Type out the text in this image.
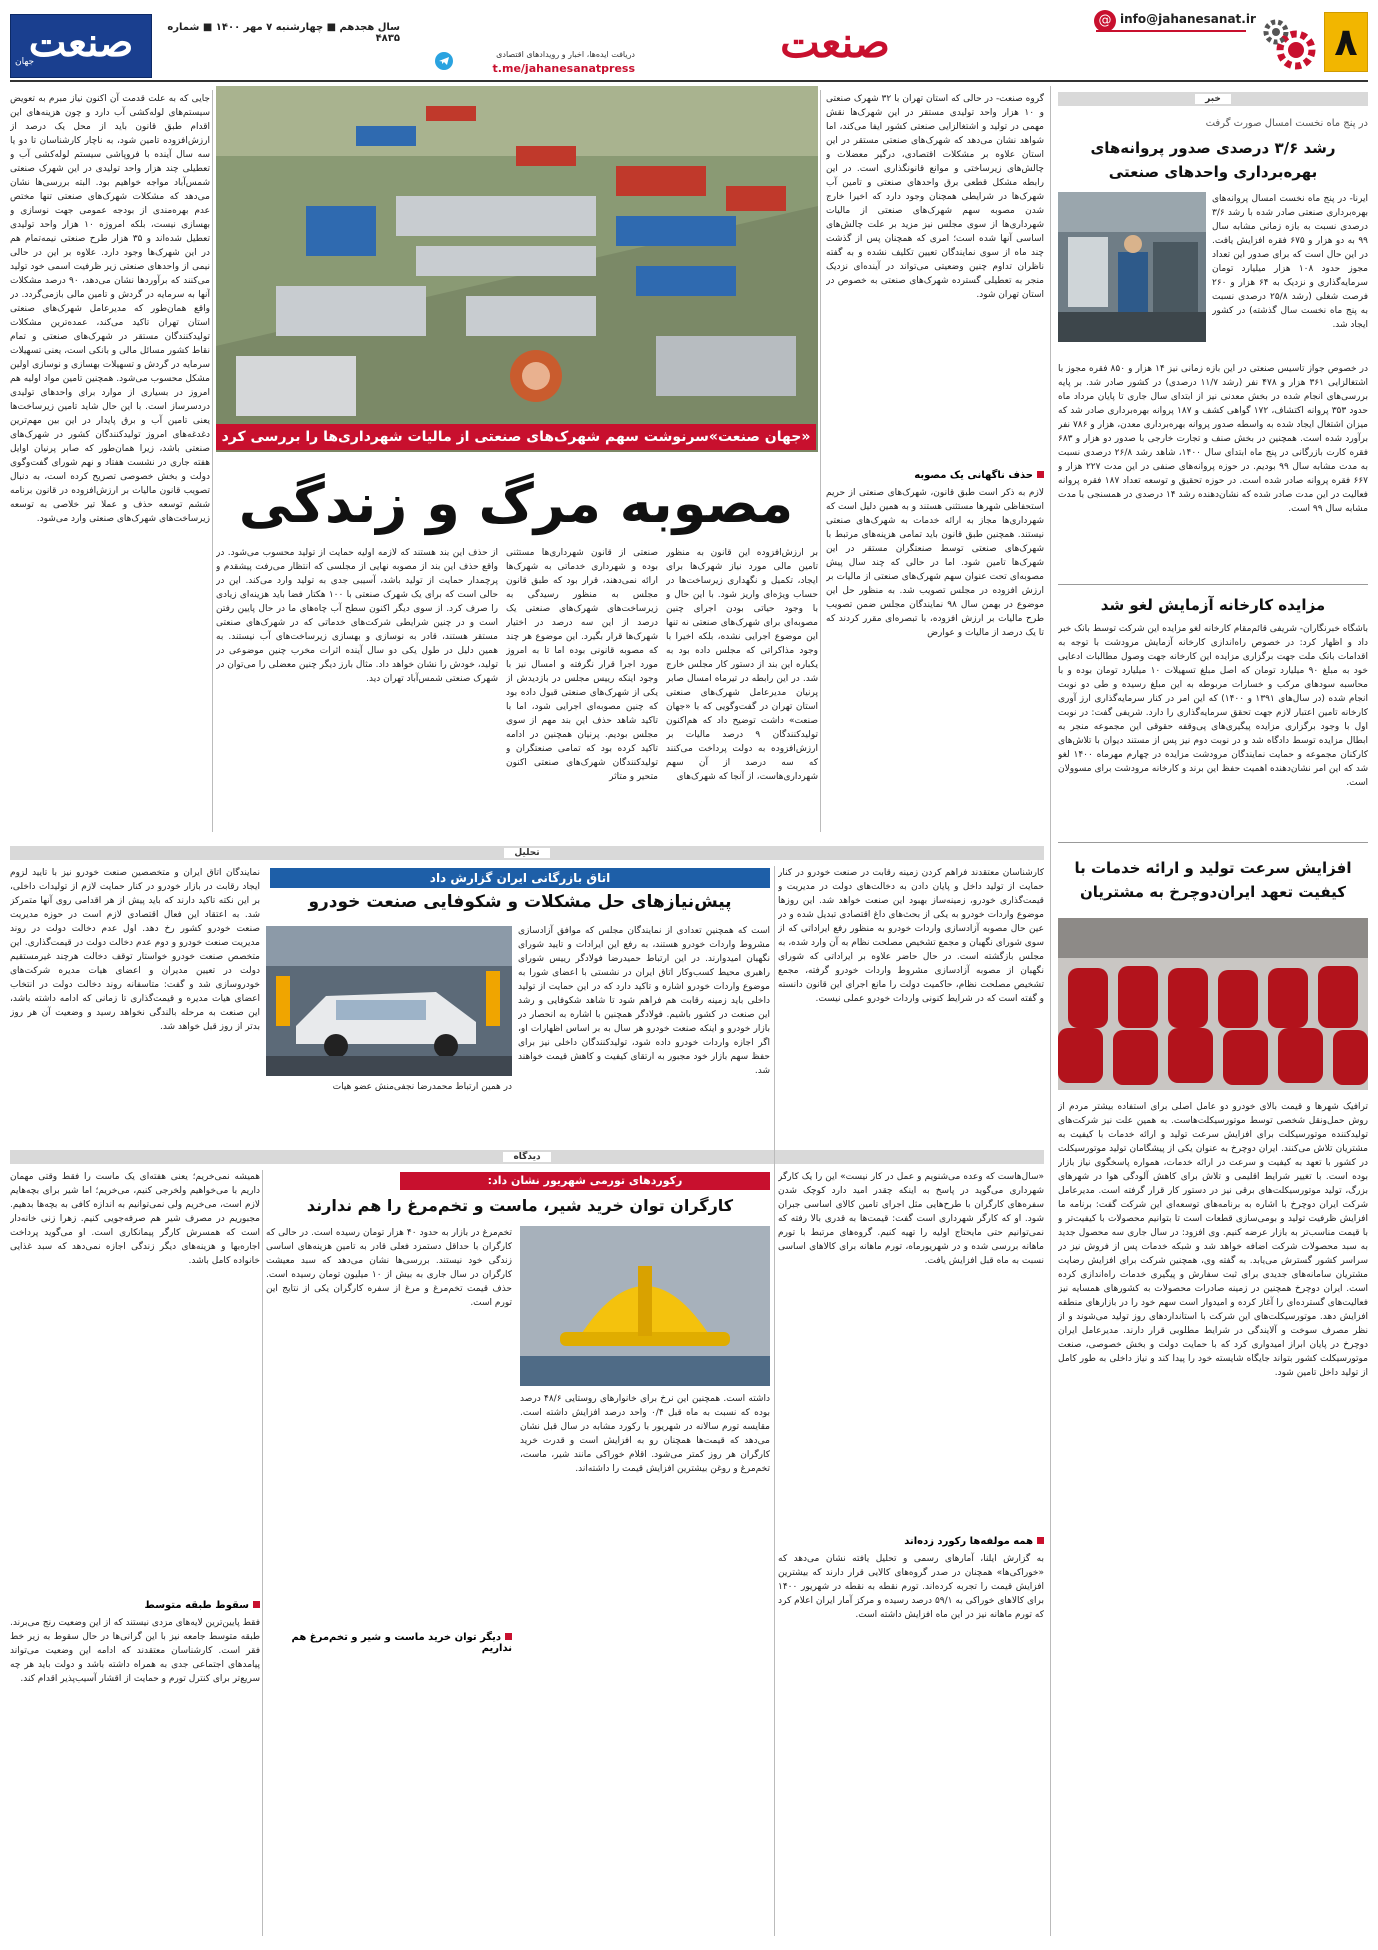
۸
@ info@jahanesanat.ir
صنعت
دریافت ایده‌ها، اخبار و رویدادهای اقتصادی
t.me/jahanesanatpress
سال هجدهم ■ چهارشنبه ۷ مهر ۱۴۰۰ ■ شماره ۴۸۳۵
صنعت
جهان
خبر
در پنج ماه نخست امسال صورت گرفت
رشد ۳/۶ درصدی صدور پروانه‌های بهره‌برداری واحدهای صنعتی
ایرنا- در پنج ماه نخست امسال پروانه‌های بهره‌برداری صنعتی صادر شده با رشد ۳/۶ درصدی نسبت به بازه زمانی مشابه سال ۹۹ به دو هزار و ۶۷۵ فقره افزایش یافت. در این حال است که برای صدور این تعداد مجوز حدود ۱۰۸ هزار میلیارد تومان سرمایه‌گذاری و نزدیک به ۶۴ هزار و ۲۶۰ فرصت شغلی (رشد ۲۵/۸ درصدی نسبت به پنج ماه نخست سال گذشته) در کشور ایجاد شد.
در خصوص جواز تاسیس صنعتی در این بازه زمانی نیز ۱۴ هزار و ۸۵۰ فقره مجوز با اشتغالزایی ۳۶۱ هزار و ۴۷۸ نفر (رشد ۱۱/۷ درصدی) در کشور صادر شد. بر پایه بررسی‌های انجام شده در بخش معدنی نیز از ابتدای سال جاری تا پایان مرداد ماه حدود ۳۵۳ پروانه اکتشاف، ۱۷۲ گواهی کشف و ۱۸۷ پروانه بهره‌برداری صادر شد که میزان اشتغال ایجاد شده به واسطه صدور پروانه بهره‌برداری معدن، هزار و ۷۸۶ نفر برآورد شده است. همچنین در بخش صنف و تجارت خارجی با صدور دو هزار و ۶۸۳ فقره کارت بازرگانی در پنج ماه ابتدای سال ۱۴۰۰، شاهد رشد ۲۶/۸ درصدی نسبت به مدت مشابه سال ۹۹ بودیم. در حوزه پروانه‌های صنفی در این مدت ۲۲۷ هزار و ۶۶۷ فقره پروانه صادر شده است. در حوزه تحقیق و توسعه تعداد ۱۸۷ فقره پروانه فعالیت در این مدت صادر شده که نشان‌دهنده رشد ۱۴ درصدی در همسنجی با مدت مشابه سال ۹۹ است.
مزایده کارخانه آزمایش لغو شد
باشگاه خبرنگاران- شریفی قائم‌مقام کارخانه لغو مزایده این شرکت توسط بانک خبر داد و اظهار کرد: در خصوص راه‌اندازی کارخانه آزمایش مرودشت با توجه به اقدامات بانک ملت جهت برگزاری مزایده این کارخانه جهت وصول مطالبات ادعایی خود به مبلغ ۹۰ میلیارد تومان که اصل مبلغ تسهیلات ۱۰ میلیارد تومان بوده و با محاسبه سودهای مرکب و خسارات مربوطه به این مبلغ رسیده و طی دو نوبت انجام شده (در سال‌های ۱۳۹۱ و ۱۴۰۰) که این امر در کنار سرمایه‌گذاری ارز آوری کارخانه تامین اعتبار لازم جهت تحقق سرمایه‌گذاری را دارد. شریفی گفت: در نوبت اول با وجود برگزاری مزایده پیگیری‌های پی‌وقفه حقوقی این مجموعه منجر به ابطال مزایده توسط دادگاه شد و در نوبت دوم نیز پس از مستند دیوان با تلاش‌های کارکنان مجموعه و حمایت نمایندگان مرودشت مزایده در چهارم مهرماه ۱۴۰۰ لغو شد که این امر نشان‌دهنده اهمیت حفظ این برند و کارخانه مرودشت برای مسوولان است.
افزایش سرعت تولید و ارائه خدمات با کیفیت تعهد ایران‌دوچرخ به مشتریان
ترافیک شهرها و قیمت بالای خودرو دو عامل اصلی برای استفاده بیشتر مردم از روش حمل‌ونقل شخصی توسط موتورسیکلت‌هاست. به همین علت نیز شرکت‌های تولیدکننده موتورسیکلت برای افزایش سرعت تولید و ارائه خدمات با کیفیت به مشتریان تلاش می‌کنند. ایران دوچرخ به عنوان یکی از پیشگامان تولید موتورسیکلت در کشور با تعهد به کیفیت و سرعت در ارائه خدمات، همواره پاسخگوی نیاز بازار بوده است. با تغییر شرایط اقلیمی و تلاش برای کاهش آلودگی هوا در شهرهای بزرگ، تولید موتورسیکلت‌های برقی نیز در دستور کار قرار گرفته است. مدیرعامل شرکت ایران دوچرخ با اشاره به برنامه‌های توسعه‌ای این شرکت گفت: برنامه ما افزایش ظرفیت تولید و بومی‌سازی قطعات است تا بتوانیم محصولات با کیفیت‌تر و با قیمت مناسب‌تر به بازار عرضه کنیم. وی افزود: در سال جاری سه محصول جدید به سبد محصولات شرکت اضافه خواهد شد و شبکه خدمات پس از فروش نیز در سراسر کشور گسترش می‌یابد. به گفته وی، همچنین شرکت برای افزایش رضایت مشتریان سامانه‌های جدیدی برای ثبت سفارش و پیگیری خدمات راه‌اندازی کرده است. ایران دوچرخ همچنین در زمینه صادرات محصولات به کشورهای همسایه نیز فعالیت‌های گسترده‌ای را آغاز کرده و امیدوار است سهم خود را در بازارهای منطقه افزایش دهد. موتورسیکلت‌های این شرکت با استانداردهای روز تولید می‌شوند و از نظر مصرف سوخت و آلایندگی در شرایط مطلوبی قرار دارند. مدیرعامل ایران دوچرخ در پایان ابراز امیدواری کرد که با حمایت دولت و بخش خصوصی، صنعت موتورسیکلت کشور بتواند جایگاه شایسته خود را پیدا کند و نیاز داخلی به طور کامل از تولید داخل تامین شود.
گروه صنعت- در حالی که استان تهران با ۳۲ شهرک صنعتی و ۱۰ هزار واحد تولیدی مستقر در این شهرک‌ها نقش مهمی در تولید و اشتغالزایی صنعتی کشور ایفا می‌کند، اما شواهد نشان می‌دهد که شهرک‌های صنعتی مستقر در این استان علاوه بر مشکلات اقتصادی، درگیر معضلات و چالش‌های زیرساختی و موانع قانونگذاری است. در این رابطه مشکل قطعی برق واحدهای صنعتی و تامین آب شهرک‌ها در شرایطی همچنان وجود دارد که اخیرا خارج شدن مصوبه سهم شهرک‌های صنعتی از مالیات شهرداری‌ها از سوی مجلس نیز مزید بر علت چالش‌های اساسی آنها شده است؛ امری که همچنان پس از گذشت چند ماه از سوی نمایندگان تعیین تکلیف نشده و به گفته ناظران تداوم چنین وضعیتی می‌تواند در آینده‌ای نزدیک منجر به تعطیلی گسترده شهرک‌های صنعتی به خصوص در استان تهران شود.
حذف ناگهانی یک مصوبه
لازم به ذکر است طبق قانون، شهرک‌های صنعتی از حریم استحفاظی شهرها مستثنی هستند و به همین دلیل است که شهرداری‌ها مجاز به ارائه خدمات به شهرک‌های صنعتی نیستند. همچنین طبق قانون باید تمامی هزینه‌های مرتبط با شهرک‌های صنعتی توسط صنعتگران مستقر در این شهرک‌ها تامین شود. اما در حالی که چند سال پیش مصوبه‌ای تحت عنوان سهم شهرک‌های صنعتی از مالیات بر ارزش افزوده در مجلس تصویب شد. به منظور حل این موضوع در بهمن سال ۹۸ نمایندگان مجلس ضمن تصویب طرح مالیات بر ارزش افزوده، با تبصره‌ای مقرر کردند که تا یک درصد از مالیات و عوارض
«جهان صنعت»سرنوشت سهم شهرک‌های صنعتی از مالیات شهرداری‌ها را بررسی کرد
مصوبه مرگ و زندگی
بر ارزش‌افزوده این قانون به منظور تامین مالی مورد نیاز شهرک‌ها برای ایجاد، تکمیل و نگهداری زیرساخت‌ها در حساب ویژه‌ای واریز شود. با این حال و با وجود حیاتی بودن اجرای چنین مصوبه‌ای برای شهرک‌های صنعتی نه تنها این موضوع اجرایی نشده، بلکه اخیرا با وجود مذاکراتی که مجلس داده بود به یکباره این بند از دستور کار مجلس خارج شد. در این رابطه در تیرماه امسال صابر پرنیان مدیرعامل شهرک‌های صنعتی استان تهران در گفت‌وگویی که با «جهان صنعت» داشت توضیح داد که هم‌اکنون تولیدکنندگان ۹ درصد مالیات بر ارزش‌افزوده به دولت پرداخت می‌کنند که سه درصد از آن سهم شهرداری‌هاست، از آنجا که شهرک‌های
صنعتی از قانون شهرداری‌ها مستثنی بوده و شهرداری خدماتی به شهرک‌ها ارائه نمی‌دهند، قرار بود که طبق قانون مجلس به منظور رسیدگی به زیرساخت‌های شهرک‌های صنعتی یک درصد از این سه درصد در اختیار شهرک‌ها قرار بگیرد. این موضوع هر چند که مصوبه قانونی بوده اما تا به امروز مورد اجرا قرار نگرفته و امسال نیز با وجود اینکه رییس مجلس در بازدیدش از یکی از شهرک‌های صنعتی قبول داده بود که چنین مصوبه‌ای اجرایی شود، اما با تاکید شاهد حذف این بند مهم از سوی مجلس بودیم. پرنیان همچنین در ادامه تاکید کرده بود که تمامی صنعتگران و تولیدکنندگان شهرک‌های صنعتی اکنون متحیر و متاثر
از حذف این بند هستند که لازمه اولیه حمایت از تولید محسوب می‌شود. در واقع حذف این بند از مصوبه نهایی از مجلسی که انتظار می‌رفت پیشقدم و پرچمدار حمایت از تولید باشد، آسیبی جدی به تولید وارد می‌کند. این در حالی است که برای یک شهرک صنعتی با ۱۰۰ هکتار فضا باید هزینه‌ای زیادی را صرف کرد. از سوی دیگر اکنون سطح آب چاه‌های ما در حال پایین رفتن است و در چنین شرایطی شرکت‌های خدماتی که در شهرک‌های صنعتی مستقر هستند، قادر به نوسازی و بهسازی زیرساخت‌های آب نیستند. به همین دلیل در طول یکی دو سال آینده اثرات مخرب چنین موضوعی در تولید، خودش را نشان خواهد داد. مثال بارز دیگر چنین معضلی را می‌توان در شهرک صنعتی شمس‌آباد تهران دید.
جایی که به علت قدمت آن اکنون نیاز مبرم به تعویض سیستم‌های لوله‌کشی آب دارد و چون هزینه‌های این اقدام طبق قانون باید از محل یک درصد از ارزش‌افزوده تامین شود، به ناچار کارشناسان تا دو یا سه سال آینده با فروپاشی سیستم لوله‌کشی آب و تعطیلی چند هزار واحد تولیدی در این شهرک صنعتی شمس‌آباد مواجه خواهیم بود. البته بررسی‌ها نشان می‌دهد که مشکلات شهرک‌های صنعتی تنها مختص عدم بهره‌مندی از بودجه عمومی جهت نوسازی و بهسازی نیست، بلکه امروزه ۱۰ هزار واحد تولیدی تعطیل شده‌اند و ۳۵ هزار طرح صنعتی نیمه‌تمام هم در این شهرک‌ها وجود دارد. علاوه بر این در حالی نیمی از واحدهای صنعتی زیر ظرفیت اسمی خود تولید می‌کنند که برآوردها نشان می‌دهد، ۹۰ درصد مشکلات آنها به سرمایه در گردش و تامین مالی بازمی‌گردد. در واقع همان‌طور که مدیرعامل شهرک‌های صنعتی استان تهران تاکید می‌کند، عمده‌ترین مشکلات تولیدکنندگان مستقر در شهرک‌های صنعتی و تمام نقاط کشور مسائل مالی و بانکی است، یعنی تسهیلات سرمایه در گردش و تسهیلات بهسازی و نوسازی اولین مشکل محسوب می‌شود. همچنین تامین مواد اولیه هم امروز در بسیاری از موارد برای واحدهای تولیدی دردسرساز است. با این حال شاید تامین زیرساخت‌ها یعنی تامین آب و برق پایدار در این بین مهم‌ترین دغدغه‌های امروز تولیدکنندگان کشور در شهرک‌های صنعتی باشد، زیرا همان‌طور که صابر پرنیان اوایل هفته جاری در نشست هفتاد و نهم شورای گفت‌وگوی دولت و بخش خصوصی تصریح کرده است، به دنبال تصویب قانون مالیات بر ارزش‌افزوده در قانون برنامه ششم توسعه حذف و عملا تیر خلاصی به توسعه زیرساخت‌های شهرک‌های صنعتی وارد می‌شود.
تحلیل
کارشناسان معتقدند فراهم کردن زمینه رقابت در صنعت خودرو در کنار حمایت از تولید داخل و پایان دادن به دخالت‌های دولت در مدیریت و قیمت‌گذاری خودرو، زمینه‌ساز بهبود این صنعت خواهد شد. این روزها موضوع واردات خودرو به یکی از بحث‌های داغ اقتصادی تبدیل شده و در عین حال مصوبه آزادسازی واردات خودرو به منظور رفع ایراداتی که از سوی شورای نگهبان و مجمع تشخیص مصلحت نظام به آن وارد شده، به مجلس بازگشته است. در حال حاضر علاوه بر ایراداتی که شورای نگهبان از مصوبه آزادسازی مشروط واردات خودرو گرفته، مجمع تشخیص مصلحت نظام، حاکمیت دولت را مانع اجرای این قانون دانسته و گفته است که در شرایط کنونی واردات خودرو عملی نیست.
اتاق بازرگانی ایران گزارش داد
پیش‌نیازهای حل مشکلات و شکوفایی صنعت خودرو
است که همچنین تعدادی از نمایندگان مجلس که موافق آزادسازی مشروط واردات خودرو هستند، به رفع این ایرادات و تایید شورای نگهبان امیدوارند. در این ارتباط حمیدرضا فولادگر رییس شورای راهبری محیط کسب‌وکار اتاق ایران در نشستی با اعضای شورا به موضوع واردات خودرو اشاره و تاکید دارد که در این حمایت از تولید داخلی باید زمینه رقابت هم فراهم شود تا شاهد شکوفایی و رشد این صنعت در کشور باشیم. فولادگر همچنین با اشاره به انحصار در بازار خودرو و اینکه صنعت خودرو هر سال به بر اساس اظهارات او، اگر اجازه واردات خودرو داده شود، تولیدکنندگان داخلی نیز برای حفظ سهم بازار خود مجبور به ارتقای کیفیت و کاهش قیمت خواهند شد.
در همین ارتباط محمدرضا نجفی‌منش عضو هیات
نمایندگان اتاق ایران و متخصصین صنعت خودرو نیز با تایید لزوم ایجاد رقابت در بازار خودرو در کنار حمایت لازم از تولیدات داخلی، بر این نکته تاکید دارند که باید پیش از هر اقدامی روی آنها متمرکز شد. به اعتقاد این فعال اقتصادی لازم است در حوزه مدیریت صنعت خودرو کشور رخ دهد. اول عدم دخالت دولت در روند مدیریت صنعت خودرو و دوم عدم دخالت دولت در قیمت‌گذاری. این متخصص صنعت خودرو خواستار توقف دخالت هرچند غیرمستقیم دولت در تعیین مدیران و اعضای هیات مدیره شرکت‌های خودروسازی شد و گفت: متاسفانه روند دخالت دولت در انتخاب اعضای هیات مدیره و قیمت‌گذاری تا زمانی که ادامه داشته باشد، این صنعت به مرحله بالندگی نخواهد رسید و وضعیت آن هر روز بدتر از روز قبل خواهد شد.
دیدگاه
«سال‌هاست که وعده می‌شنویم و عمل در کار نیست» این را یک کارگر شهرداری می‌گوید در پاسخ به اینکه چقدر امید دارد کوچک شدن سفره‌های کارگران با طرح‌هایی مثل اجرای تامین کالای اساسی جبران شود. او که کارگر شهرداری است گفت: قیمت‌ها به قدری بالا رفته که نمی‌توانیم حتی مایحتاج اولیه را تهیه کنیم. گروه‌های مرتبط با تورم ماهانه بررسی شده و در شهریورماه، تورم ماهانه برای کالاهای اساسی نسبت به ماه قبل افزایش یافت.
همه مولفه‌ها رکورد زده‌اند
به گزارش ایلنا، آمارهای رسمی و تحلیل یافته نشان می‌دهد که «خوراکی‌ها» همچنان در صدر گروه‌های کالایی قرار دارند که بیشترین افزایش قیمت را تجربه کرده‌اند. تورم نقطه به نقطه در شهریور ۱۴۰۰ برای کالاهای خوراکی به ۵۹/۱ درصد رسیده و مرکز آمار ایران اعلام کرد که تورم ماهانه نیز در این ماه افزایش داشته است.
رکوردهای تورمی شهریور نشان داد:
کارگران توان خرید شیر، ماست و تخم‌مرغ را هم ندارند
داشته است. همچنین این نرخ برای خانوارهای روستایی ۴۸/۶ درصد بوده که نسبت به ماه قبل ۰/۴ واحد درصد افزایش داشته است. مقایسه تورم سالانه در شهریور با رکورد مشابه در سال قبل نشان می‌دهد که قیمت‌ها همچنان رو به افزایش است و قدرت خرید کارگران هر روز کمتر می‌شود. اقلام خوراکی مانند شیر، ماست، تخم‌مرغ و روغن بیشترین افزایش قیمت را داشته‌اند.
تخم‌مرغ در بازار به حدود ۴۰ هزار تومان رسیده است. در حالی که کارگران با حداقل دستمزد فعلی قادر به تامین هزینه‌های اساسی زندگی خود نیستند. بررسی‌ها نشان می‌دهد که سبد معیشت کارگران در سال جاری به بیش از ۱۰ میلیون تومان رسیده است. حذف قیمت تخم‌مرغ و مرغ از سفره کارگران یکی از نتایج این تورم است.
دیگر توان خرید ماست و شیر و تخم‌مرغ هم نداریم
همیشه نمی‌خریم؛ یعنی هفته‌ای یک ماست را فقط وقتی مهمان داریم با می‌خواهیم ولخرجی کنیم، می‌خریم؛ اما شیر برای بچه‌هایم لازم است، می‌خریم ولی نمی‌توانیم به اندازه کافی به بچه‌ها بدهیم. مجبوریم در مصرف شیر هم صرفه‌جویی کنیم. زهرا زنی خانه‌دار است که همسرش کارگر پیمانکاری است. او می‌گوید پرداخت اجاره‌بها و هزینه‌های دیگر زندگی اجازه نمی‌دهد که سبد غذایی خانواده کامل باشد.
سقوط طبقه متوسط
فقط پایین‌ترین لایه‌های مزدی نیستند که از این وضعیت رنج می‌برند. طبقه متوسط جامعه نیز با این گرانی‌ها در حال سقوط به زیر خط فقر است. کارشناسان معتقدند که ادامه این وضعیت می‌تواند پیامدهای اجتماعی جدی به همراه داشته باشد و دولت باید هر چه سریع‌تر برای کنترل تورم و حمایت از اقشار آسیب‌پذیر اقدام کند.
